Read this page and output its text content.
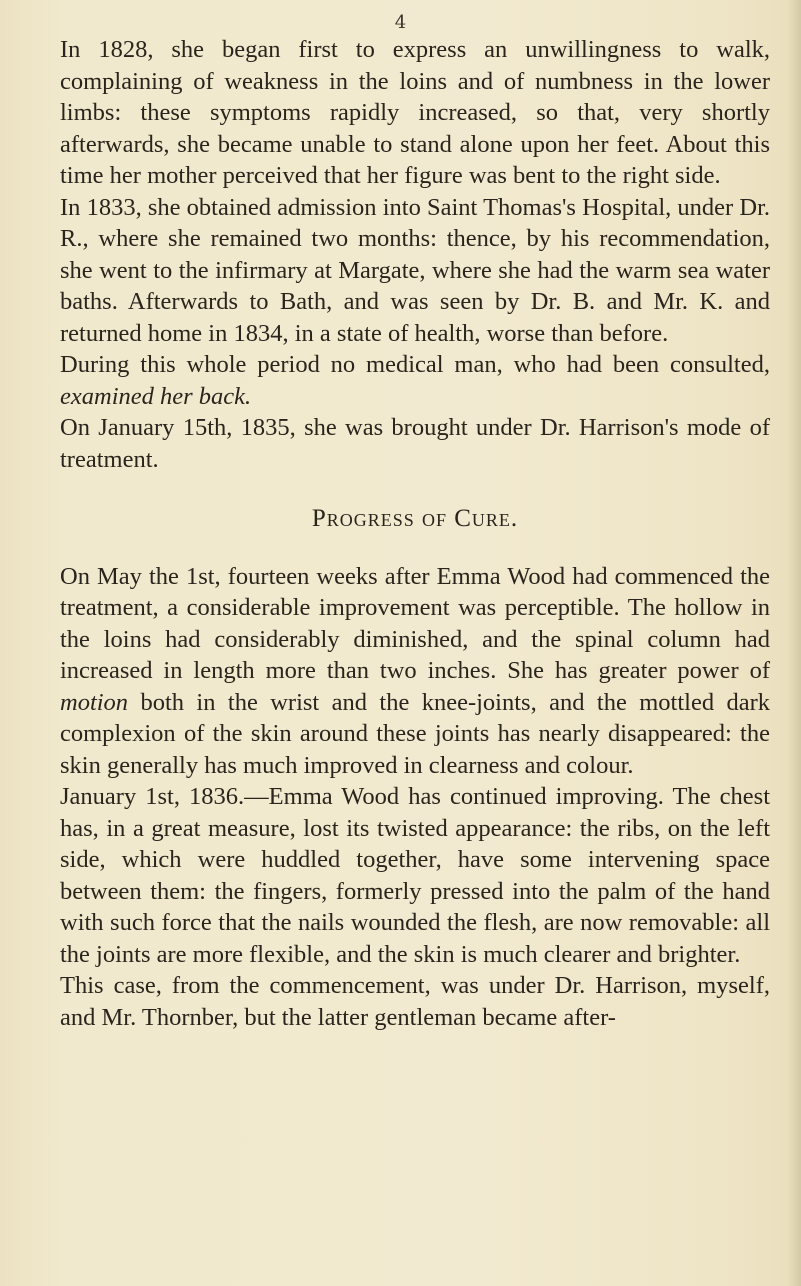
4

In 1828, she began first to express an unwillingness to walk, complaining of weakness in the loins and of numbness in the lower limbs: these symptoms rapidly increased, so that, very shortly afterwards, she became unable to stand alone upon her feet. About this time her mother perceived that her figure was bent to the right side.

In 1833, she obtained admission into Saint Thomas's Hospital, under Dr. R., where she remained two months: thence, by his recommendation, she went to the infirmary at Margate, where she had the warm sea water baths. Afterwards to Bath, and was seen by Dr. B. and Mr. K. and returned home in 1834, in a state of health, worse than before.

During this whole period no medical man, who had been consulted, examined her back.

On January 15th, 1835, she was brought under Dr. Harrison's mode of treatment.

Progress of Cure.

On May the 1st, fourteen weeks after Emma Wood had commenced the treatment, a considerable improvement was perceptible. The hollow in the loins had considerably diminished, and the spinal column had increased in length more than two inches. She has greater power of motion both in the wrist and the knee-joints, and the mottled dark complexion of the skin around these joints has nearly disappeared: the skin generally has much improved in clearness and colour.

January 1st, 1836.—Emma Wood has continued improving. The chest has, in a great measure, lost its twisted appearance: the ribs, on the left side, which were huddled together, have some intervening space between them: the fingers, formerly pressed into the palm of the hand with such force that the nails wounded the flesh, are now removable: all the joints are more flexible, and the skin is much clearer and brighter.

This case, from the commencement, was under Dr. Harrison, myself, and Mr. Thornber, but the latter gentleman became after-
